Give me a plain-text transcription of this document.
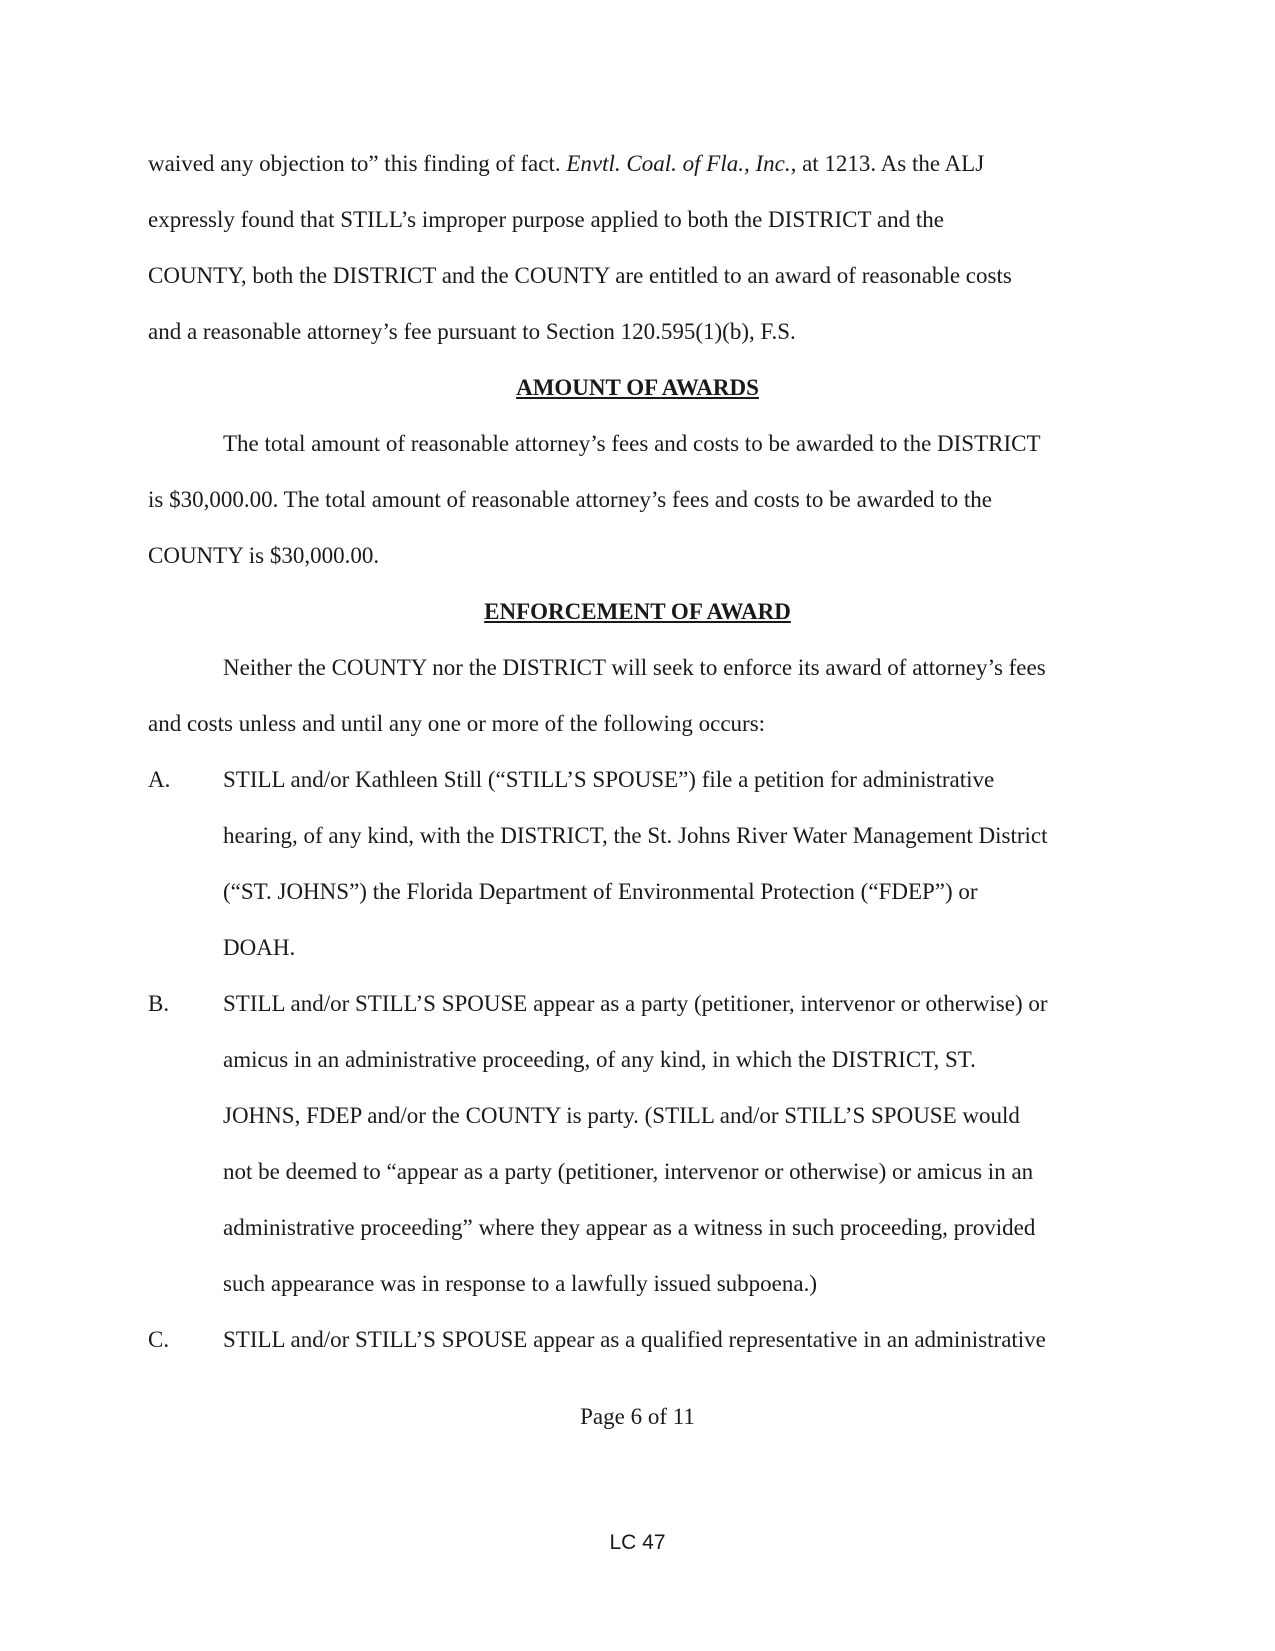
waived any objection to” this finding of fact. Envtl. Coal. of Fla., Inc., at 1213. As the ALJ
expressly found that STILL’s improper purpose applied to both the DISTRICT and the
COUNTY, both the DISTRICT and the COUNTY are entitled to an award of reasonable costs
and a reasonable attorney’s fee pursuant to Section 120.595(1)(b), F.S.
AMOUNT OF AWARDS
The total amount of reasonable attorney’s fees and costs to be awarded to the DISTRICT
is $30,000.00. The total amount of reasonable attorney’s fees and costs to be awarded to the
COUNTY is $30,000.00.
ENFORCEMENT OF AWARD
Neither the COUNTY nor the DISTRICT will seek to enforce its award of attorney’s fees
and costs unless and until any one or more of the following occurs:
A. STILL and/or Kathleen Still (“STILL’S SPOUSE”) file a petition for administrative
hearing, of any kind, with the DISTRICT, the St. Johns River Water Management District
(“ST. JOHNS”) the Florida Department of Environmental Protection (“FDEP”) or
DOAH.
B. STILL and/or STILL’S SPOUSE appear as a party (petitioner, intervenor or otherwise) or
amicus in an administrative proceeding, of any kind, in which the DISTRICT, ST.
JOHNS, FDEP and/or the COUNTY is party. (STILL and/or STILL’S SPOUSE would
not be deemed to “appear as a party (petitioner, intervenor or otherwise) or amicus in an
administrative proceeding” where they appear as a witness in such proceeding, provided
such appearance was in response to a lawfully issued subpoena.)
C. STILL and/or STILL’S SPOUSE appear as a qualified representative in an administrative
Page 6 of 11
LC 47
